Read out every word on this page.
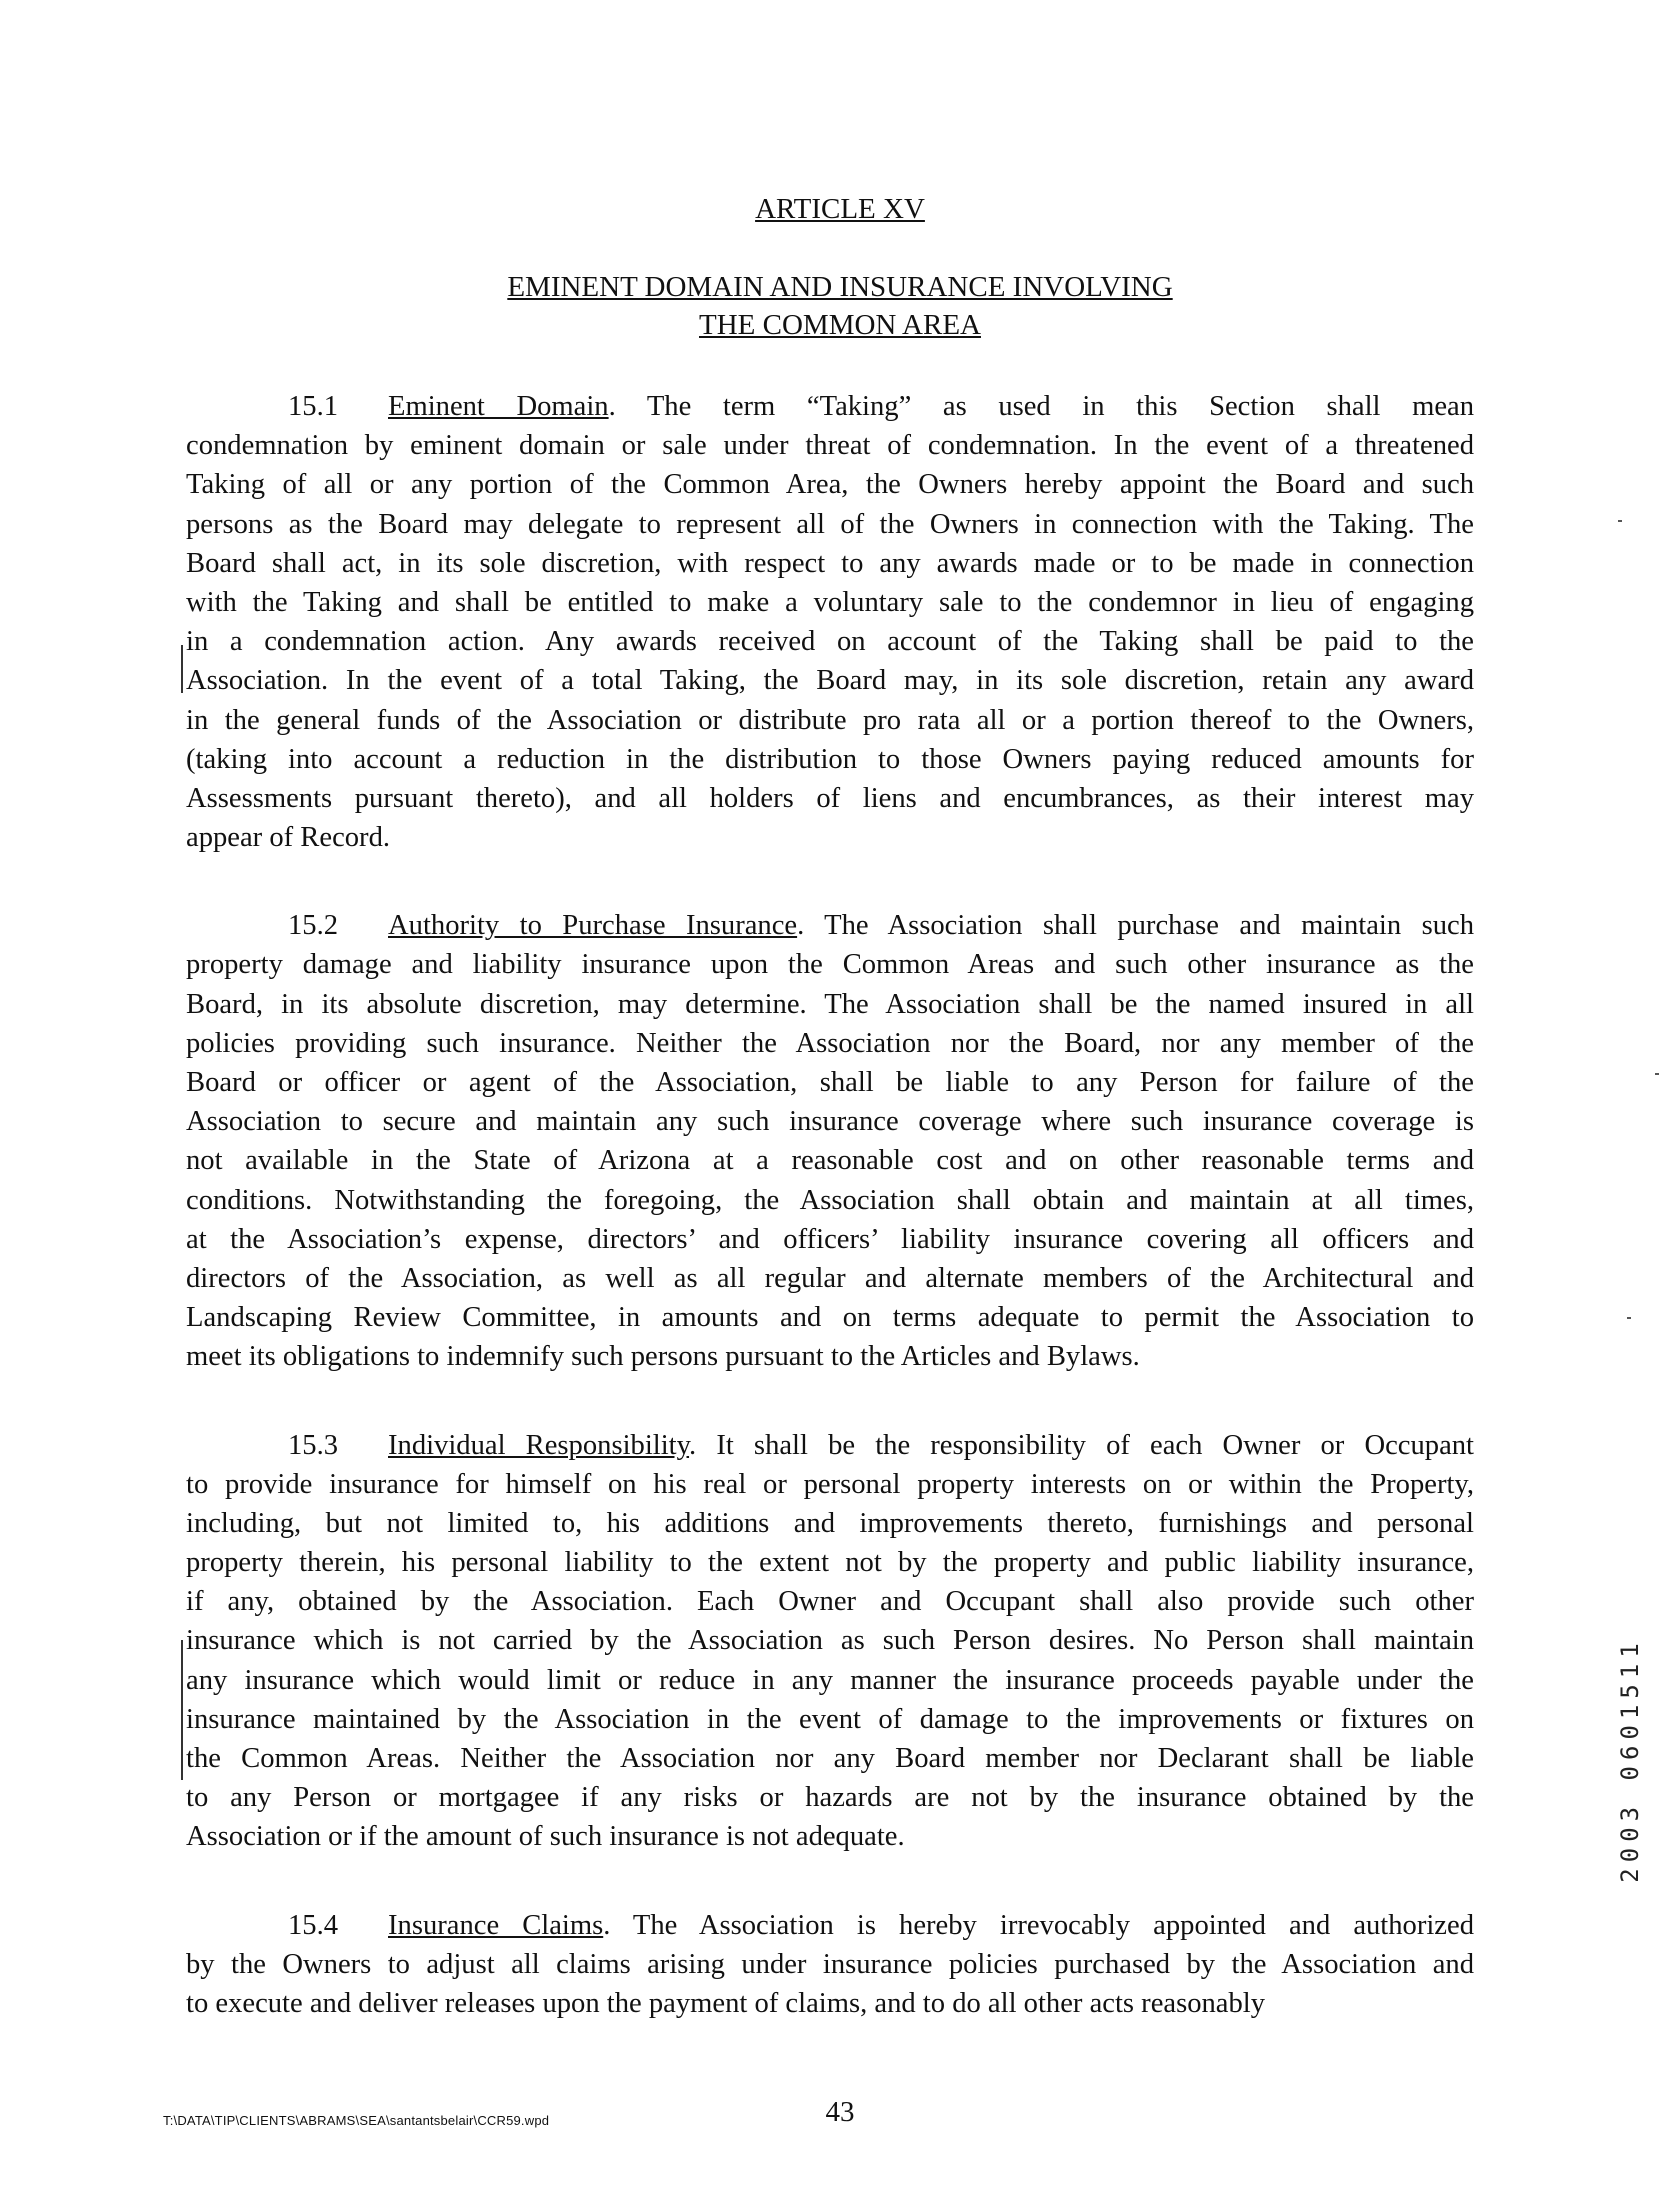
ARTICLE XV
EMINENT DOMAIN AND INSURANCE INVOLVING
THE COMMON AREA
15.1 Eminent Domain. The term “Taking” as used in this Section shall mean
condemnation by eminent domain or sale under threat of condemnation. In the event of a threatened
Taking of all or any portion of the Common Area, the Owners hereby appoint the Board and such
persons as the Board may delegate to represent all of the Owners in connection with the Taking. The
Board shall act, in its sole discretion, with respect to any awards made or to be made in connection
with the Taking and shall be entitled to make a voluntary sale to the condemnor in lieu of engaging
in a condemnation action. Any awards received on account of the Taking shall be paid to the
Association. In the event of a total Taking, the Board may, in its sole discretion, retain any award
in the general funds of the Association or distribute pro rata all or a portion thereof to the Owners,
(taking into account a reduction in the distribution to those Owners paying reduced amounts for
Assessments pursuant thereto), and all holders of liens and encumbrances, as their interest may
appear of Record.
15.2 Authority to Purchase Insurance. The Association shall purchase and maintain such
property damage and liability insurance upon the Common Areas and such other insurance as the
Board, in its absolute discretion, may determine. The Association shall be the named insured in all
policies providing such insurance. Neither the Association nor the Board, nor any member of the
Board or officer or agent of the Association, shall be liable to any Person for failure of the
Association to secure and maintain any such insurance coverage where such insurance coverage is
not available in the State of Arizona at a reasonable cost and on other reasonable terms and
conditions. Notwithstanding the foregoing, the Association shall obtain and maintain at all times,
at the Association’s expense, directors’ and officers’ liability insurance covering all officers and
directors of the Association, as well as all regular and alternate members of the Architectural and
Landscaping Review Committee, in amounts and on terms adequate to permit the Association to
meet its obligations to indemnify such persons pursuant to the Articles and Bylaws.
15.3 Individual Responsibility. It shall be the responsibility of each Owner or Occupant
to provide insurance for himself on his real or personal property interests on or within the Property,
including, but not limited to, his additions and improvements thereto, furnishings and personal
property therein, his personal liability to the extent not by the property and public liability insurance,
if any, obtained by the Association. Each Owner and Occupant shall also provide such other
insurance which is not carried by the Association as such Person desires. No Person shall maintain
any insurance which would limit or reduce in any manner the insurance proceeds payable under the
insurance maintained by the Association in the event of damage to the improvements or fixtures on
the Common Areas. Neither the Association nor any Board member nor Declarant shall be liable
to any Person or mortgagee if any risks or hazards are not by the insurance obtained by the
Association or if the amount of such insurance is not adequate.
15.4 Insurance Claims. The Association is hereby irrevocably appointed and authorized
by the Owners to adjust all claims arising under insurance policies purchased by the Association and
to execute and deliver releases upon the payment of claims, and to do all other acts reasonably
T:\DATA\TIP\CLIENTS\ABRAMS\SEA\santantsbelair\CCR59.wpd	43
2003 0601511
